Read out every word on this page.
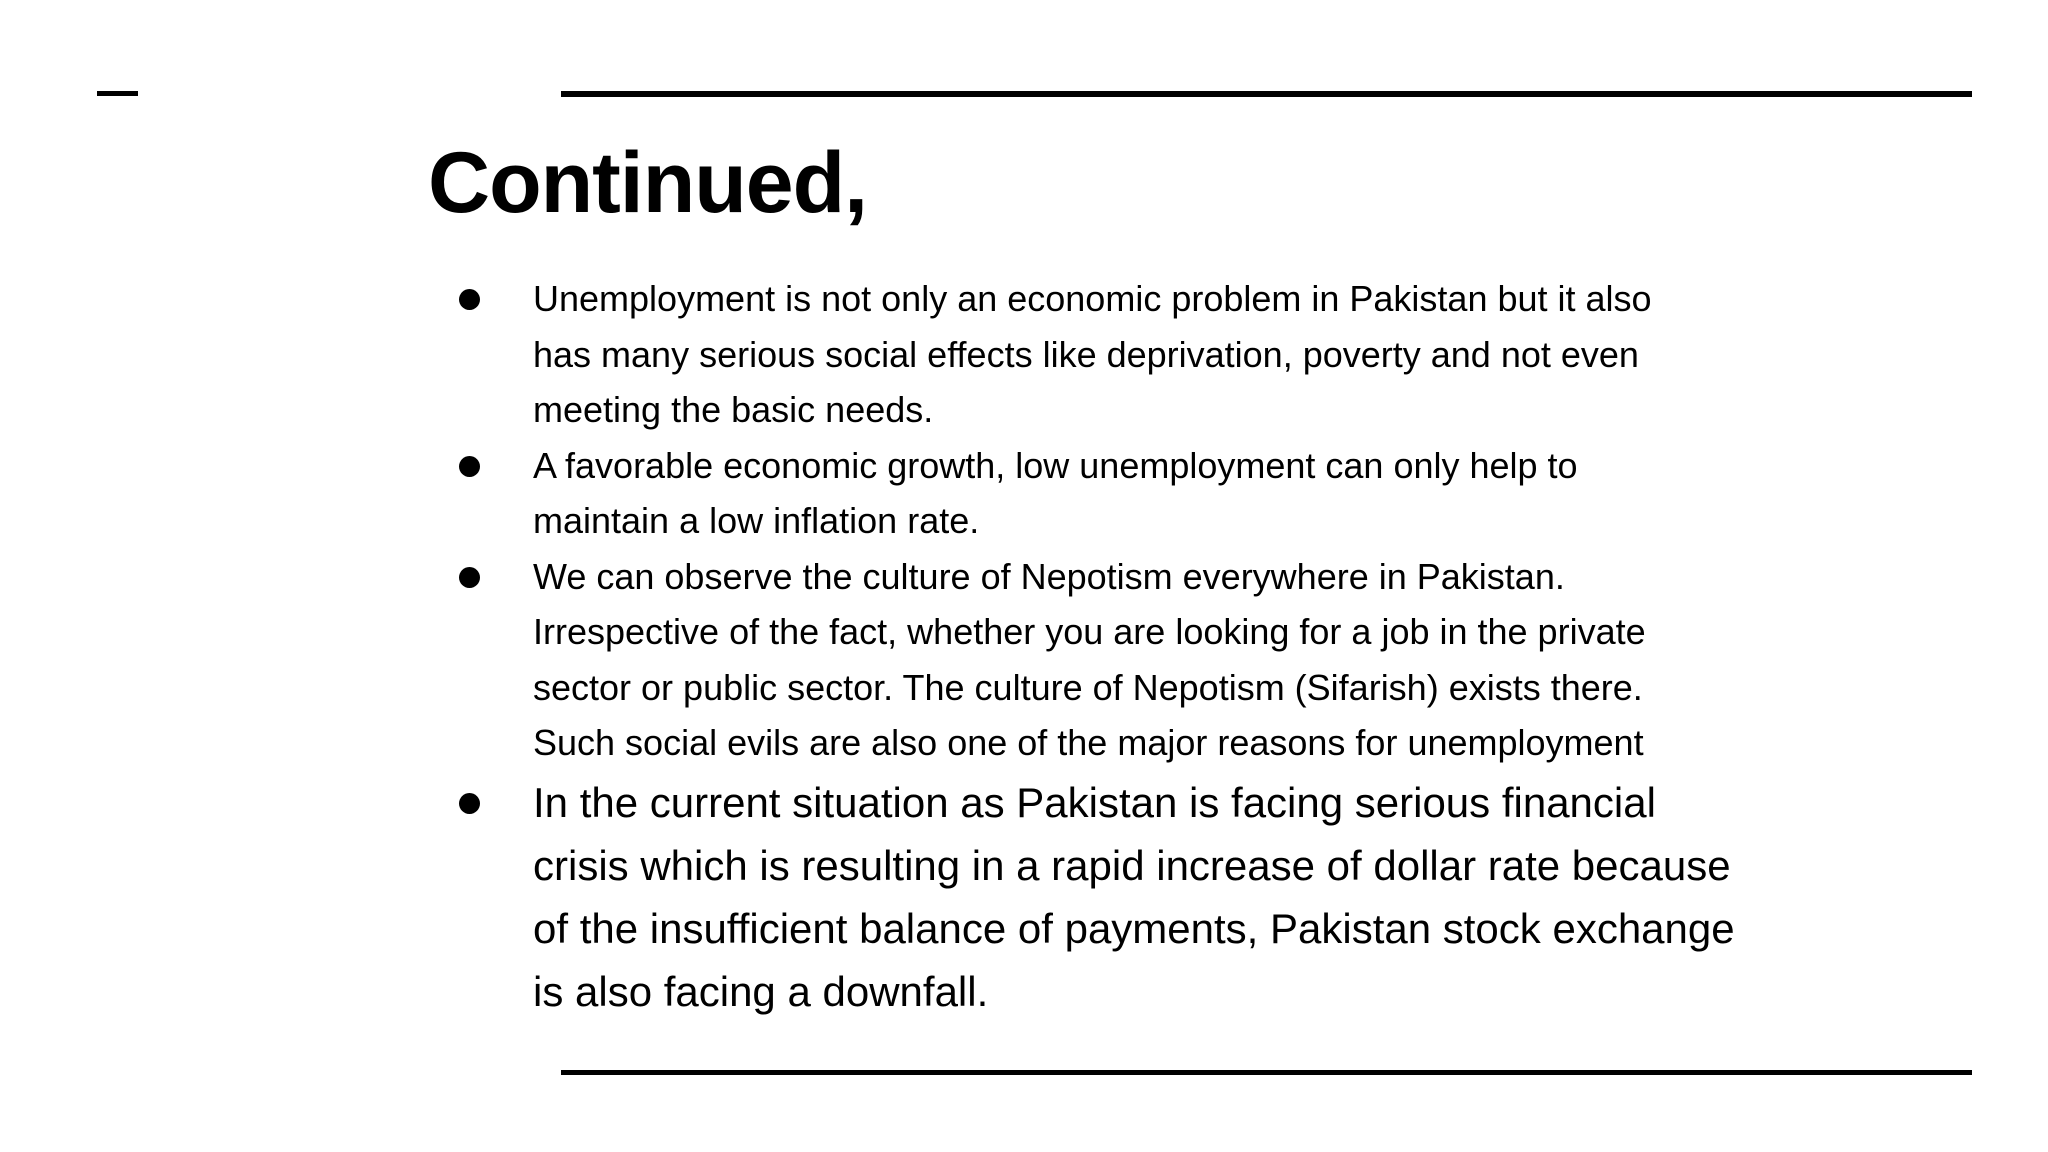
Continued,
Unemployment is not only an economic problem in Pakistan but it also
has many serious social effects like deprivation, poverty and not even
meeting the basic needs.
A favorable economic growth, low unemployment can only help to
maintain a low inflation rate.
We can observe the culture of Nepotism everywhere in Pakistan.
Irrespective of the fact, whether you are looking for a job in the private
sector or public sector. The culture of Nepotism (Sifarish) exists there.
Such social evils are also one of the major reasons for unemployment
In the current situation as Pakistan is facing serious financial
crisis which is resulting in a rapid increase of dollar rate because
of the insufficient balance of payments, Pakistan stock exchange
is also facing a downfall.
